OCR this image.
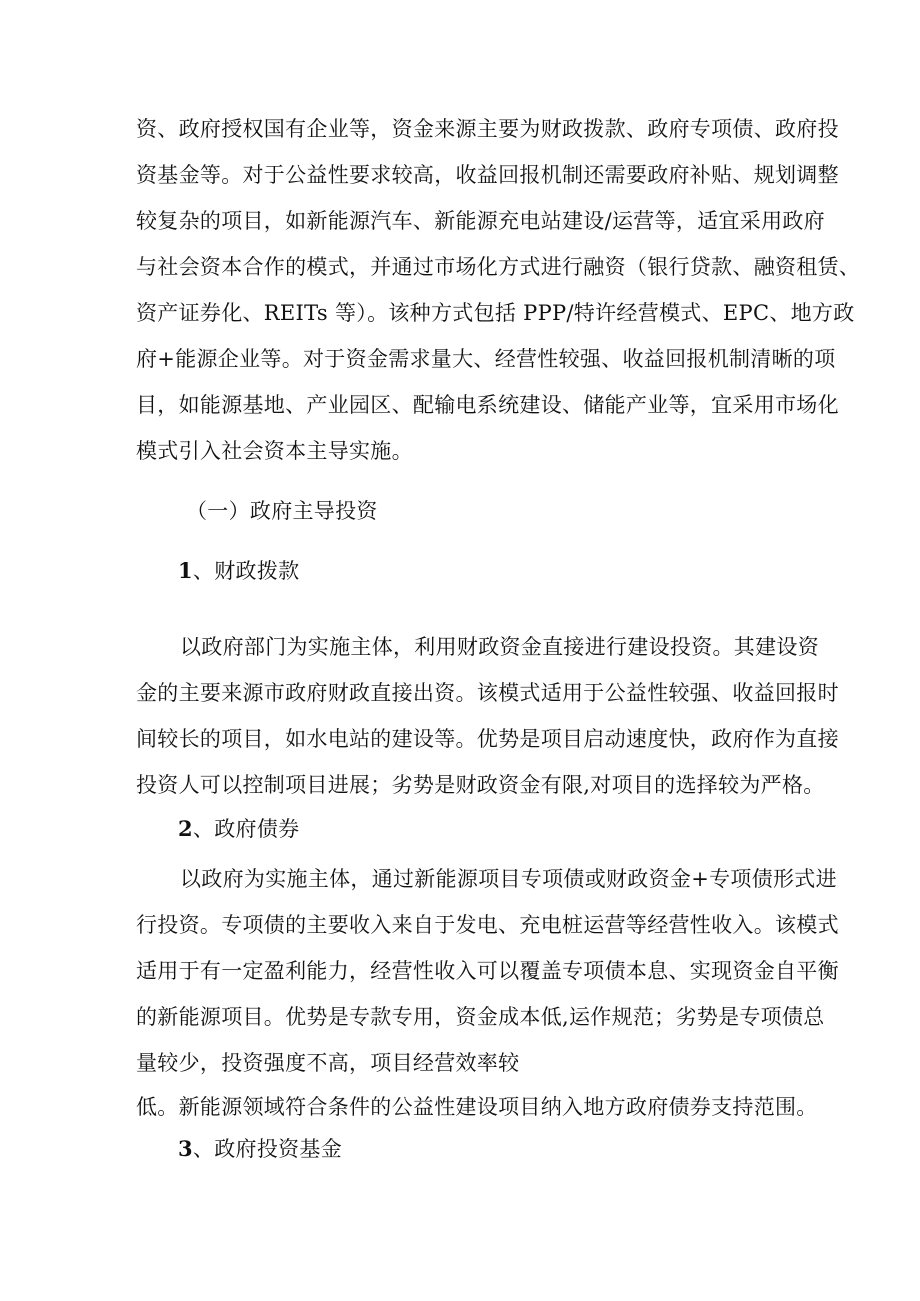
资、政府授权国有企业等，资金来源主要为财政拨款、政府专项债、政府投
资基金等。对于公益性要求较高，收益回报机制还需要政府补贴、规划调整
较复杂的项目，如新能源汽车、新能源充电站建设/运营等，适宜采用政府
与社会资本合作的模式，并通过市场化方式进行融资（银行贷款、融资租赁、
资产证券化、REITs 等）。该种方式包括 PPP/特许经营模式、EPC、地方政
府+能源企业等。对于资金需求量大、经营性较强、收益回报机制清晰的项
目，如能源基地、产业园区、配输电系统建设、储能产业等，宜采用市场化
模式引入社会资本主导实施。
（一）政府主导投资
1、财政拨款
以政府部门为实施主体，利用财政资金直接进行建设投资。其建设资
金的主要来源市政府财政直接出资。该模式适用于公益性较强、收益回报时
间较长的项目，如水电站的建设等。优势是项目启动速度快，政府作为直接
投资人可以控制项目进展；劣势是财政资金有限,对项目的选择较为严格。
2、政府债券
以政府为实施主体，通过新能源项目专项债或财政资金+专项债形式进
行投资。专项债的主要收入来自于发电、充电桩运营等经营性收入。该模式
适用于有一定盈利能力，经营性收入可以覆盖专项债本息、实现资金自平衡
的新能源项目。优势是专款专用，资金成本低,运作规范；劣势是专项债总
量较少，投资强度不高，项目经营效率较
低。新能源领域符合条件的公益性建设项目纳入地方政府债券支持范围。
3、政府投资基金
